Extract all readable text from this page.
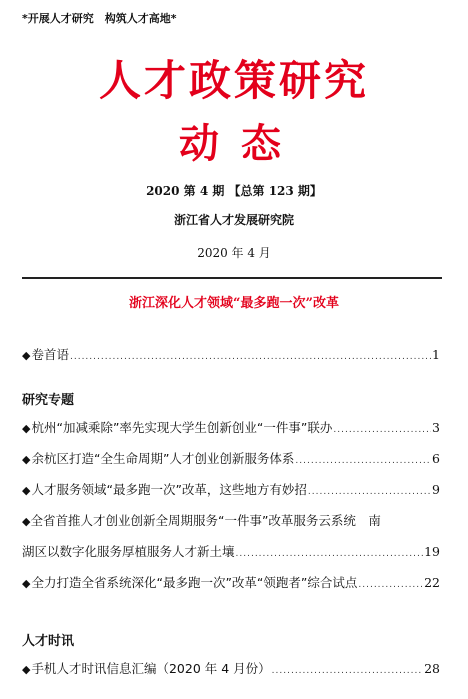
*开展人才研究　构筑人才高地*
人才政策研究
动态
2020 第 4 期 【总第 123 期】
浙江省人才发展研究院
2020 年 4 月
浙江深化人才领域“最多跑一次”改革
◆ 卷首语 .....	1
研究专题
◆ 杭州“加减乘除”率先实现大学生创新创业“一件事”联办 .....	3
◆ 余杭区打造“全生命周期”人才创业创新服务体系 .....	6
◆ 人才服务领域“最多跑一次”改革，这些地方有妙招 .....	9
◆全省首推人才创业创新全周期服务“一件事”改革服务云系统　南
湖区以数字化服务厚植服务人才新土壤 .....	19
◆ 全力打造全省系统深化“最多跑一次”改革“领跑者”综合试点 .....	22
人才时讯
◆ 手机人才时讯信息汇编（2020 年 4 月份） .....	28
